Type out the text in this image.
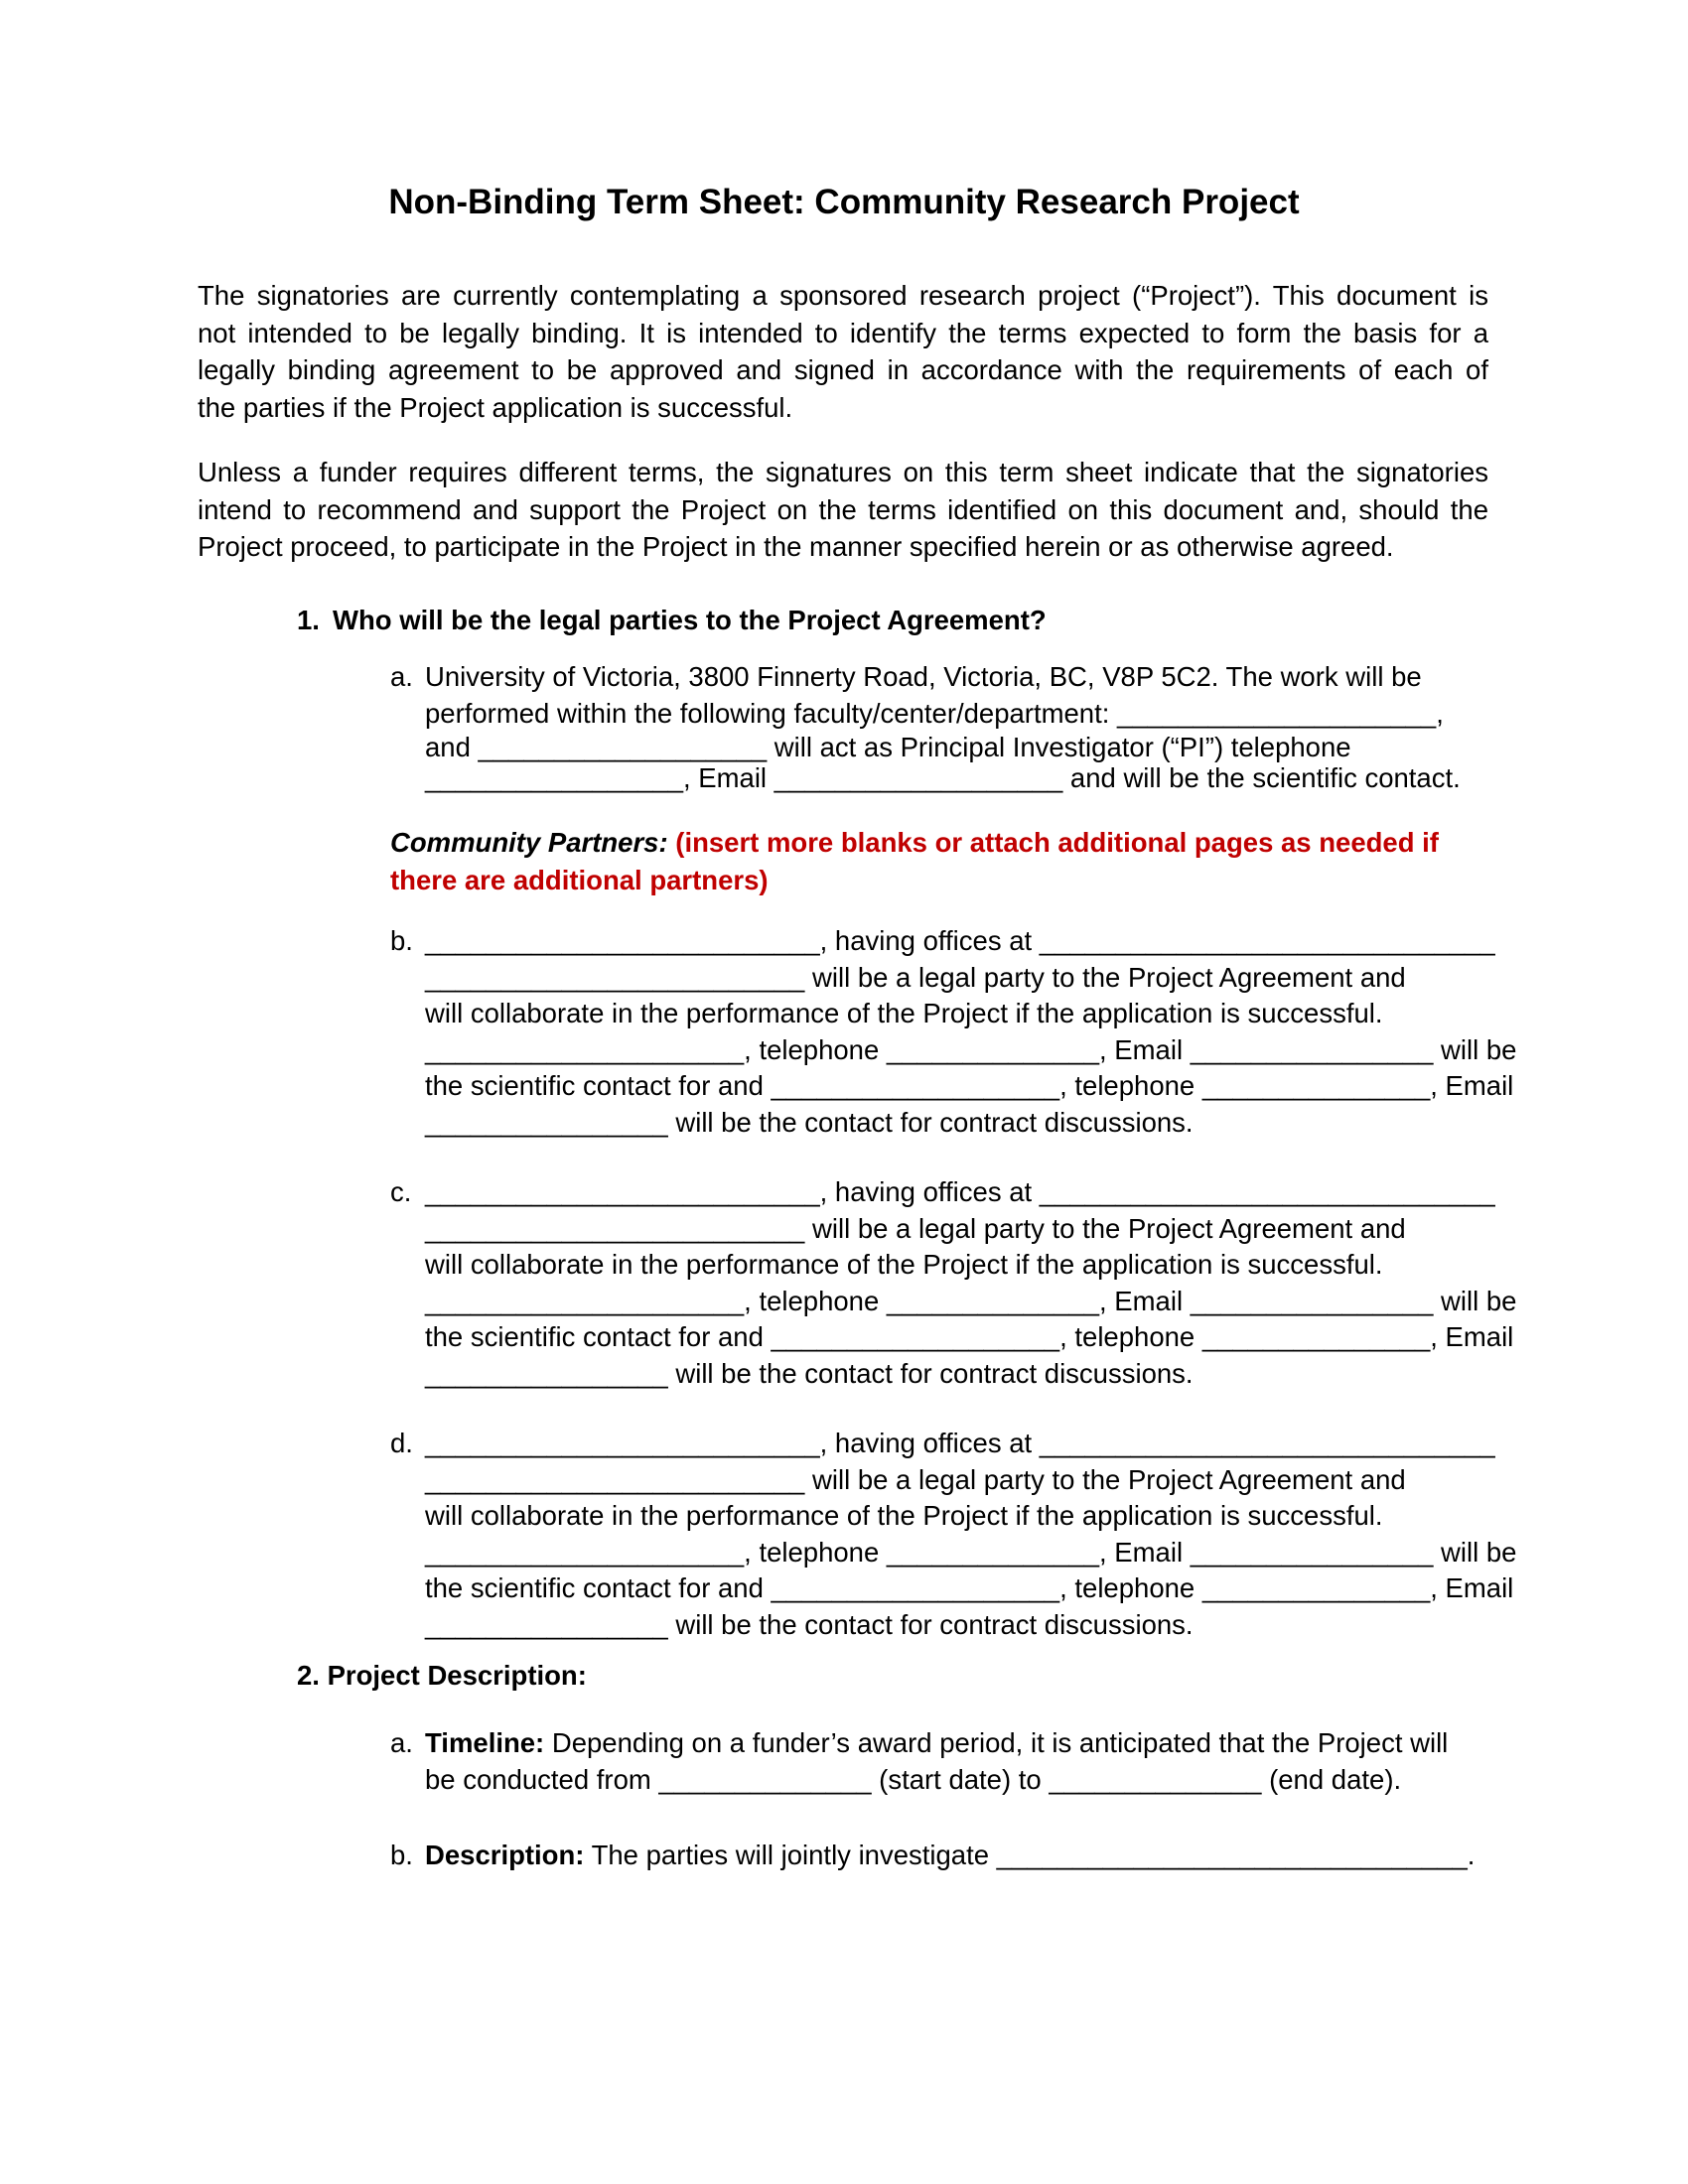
Non-Binding Term Sheet: Community Research Project
The signatories are currently contemplating a sponsored research project (“Project”). This document is
not intended to be legally binding. It is intended to identify the terms expected to form the basis for a
legally binding agreement to be approved and signed in accordance with the requirements of each of
the parties if the Project application is successful.
Unless a funder requires different terms, the signatures on this term sheet indicate that the signatories
intend to recommend and support the Project on the terms identified on this document and, should the
Project proceed, to participate in the Project in the manner specified herein or as otherwise agreed.
1. Who will be the legal parties to the Project Agreement?
a. University of Victoria, 3800 Finnerty Road, Victoria, BC, V8P 5C2. The work will be
performed within the following faculty/center/department: _____________________,
and ___________________ will act as Principal Investigator (“PI”) telephone
_________________, Email ___________________ and will be the scientific contact.
Community Partners: (insert more blanks or attach additional pages as needed if
there are additional partners)
b. __________________________, having offices at ______________________________
_________________________ will be a legal party to the Project Agreement and
will collaborate in the performance of the Project if the application is successful.
_____________________, telephone ______________, Email ________________ will be
the scientific contact for and ___________________, telephone _______________, Email
________________ will be the contact for contract discussions.
c. __________________________, having offices at ______________________________
_________________________ will be a legal party to the Project Agreement and
will collaborate in the performance of the Project if the application is successful.
_____________________, telephone ______________, Email ________________ will be
the scientific contact for and ___________________, telephone _______________, Email
________________ will be the contact for contract discussions.
d. __________________________, having offices at ______________________________
_________________________ will be a legal party to the Project Agreement and
will collaborate in the performance of the Project if the application is successful.
_____________________, telephone ______________, Email ________________ will be
the scientific contact for and ___________________, telephone _______________, Email
________________ will be the contact for contract discussions.
2. Project Description:
a. Timeline: Depending on a funder’s award period, it is anticipated that the Project will
be conducted from ______________ (start date) to ______________ (end date).
b. Description: The parties will jointly investigate _______________________________.
